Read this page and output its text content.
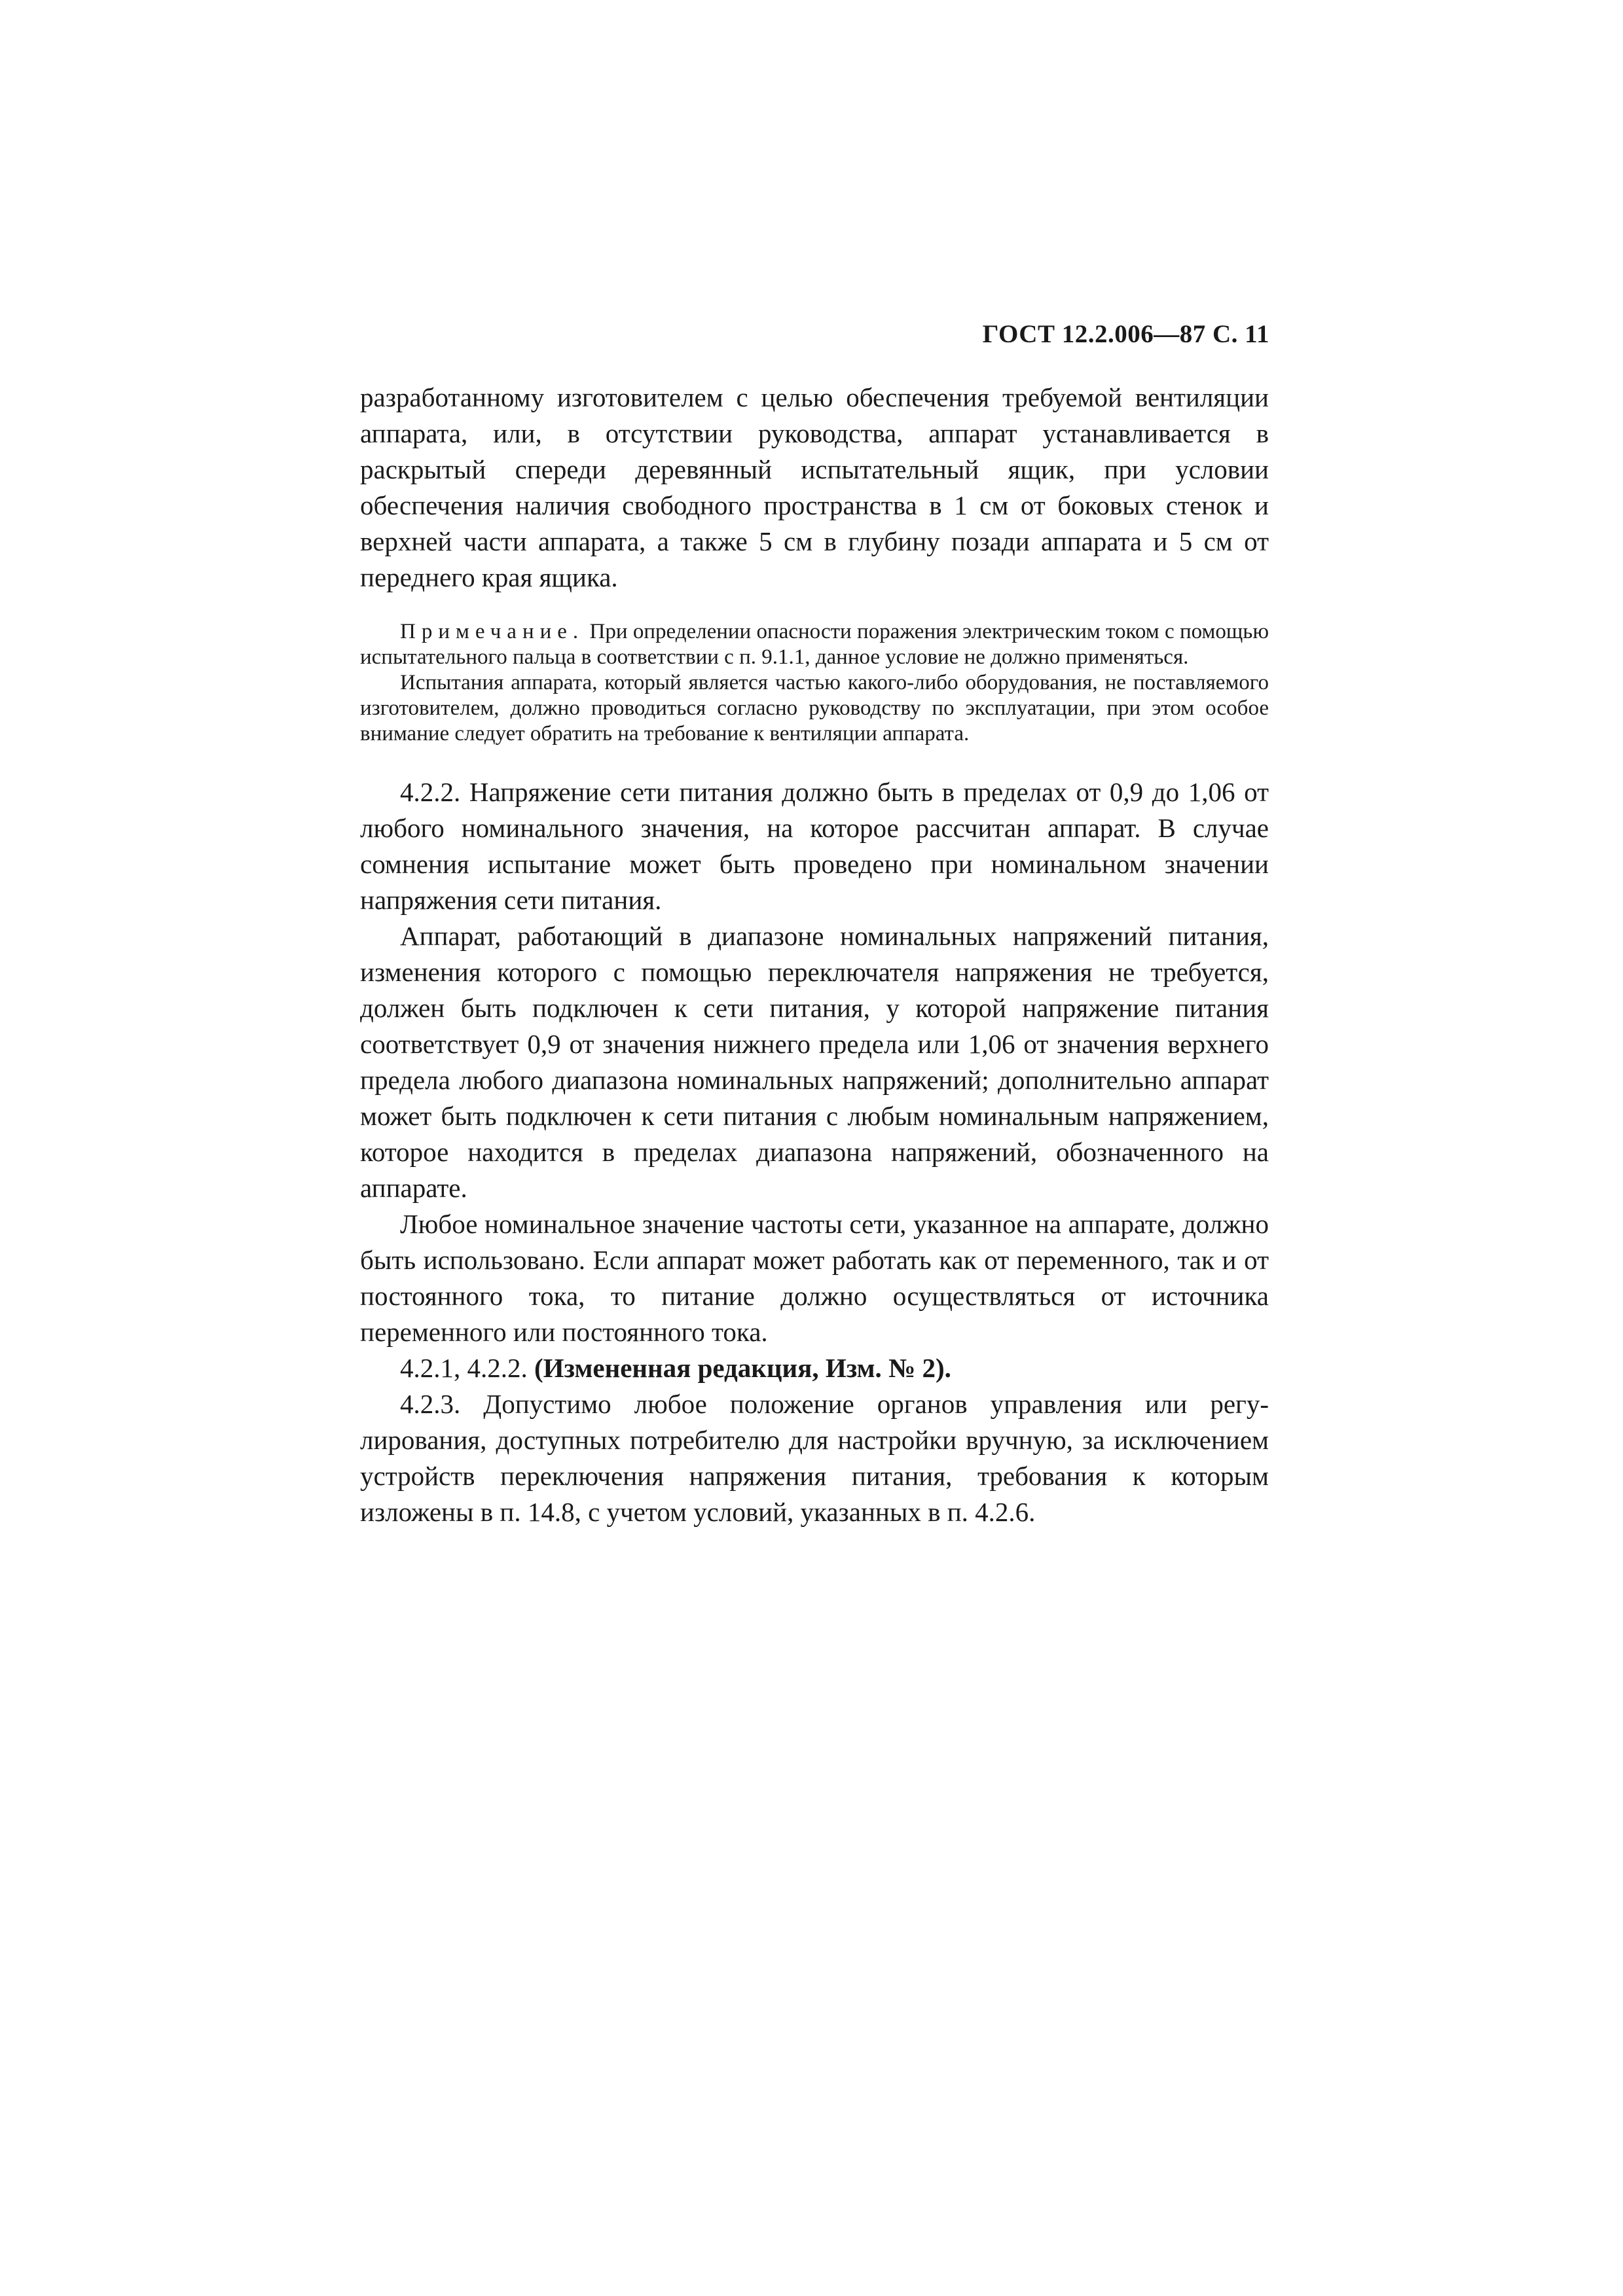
ГОСТ 12.2.006—87 С. 11

разработанному изготовителем с целью обеспечения требуемой вентиляции аппарата, или, в отсутствии руководства, аппарат устанавливается в раскрытый спереди деревянный испытательный ящик, при условии обеспечения наличия свободного пространства в 1 см от боковых стенок и верхней части аппарата, а также 5 см в глубину позади аппарата и 5 см от переднего края ящика.

Примечание. При определении опасности поражения электрическим током с помощью испытательного пальца в соответствии с п. 9.1.1, данное условие не должно применяться.

Испытания аппарата, который является частью какого-либо оборудования, не поставляемого изготовителем, должно проводиться согласно руководству по эксплуатации, при этом особое внимание следует обратить на требование к вентиляции аппарата.

4.2.2. Напряжение сети питания должно быть в пределах от 0,9 до 1,06 от любого номинального значения, на которое рассчитан аппарат. В случае сомнения испытание может быть проведено при номинальном значении напряжения сети питания.

Аппарат, работающий в диапазоне номинальных напряжений питания, изменения которого с помощью переключателя напряжения не требуется, должен быть подключен к сети питания, у которой напряжение питания соответствует 0,9 от значения нижнего предела или 1,06 от значения верхнего предела любого диапазона номинальных напряжений; дополнительно аппарат может быть подключен к сети питания с любым номинальным напряжением, которое находится в пределах диапазона напряжений, обозначенного на аппарате.

Любое номинальное значение частоты сети, указанное на аппарате, должно быть использовано. Если аппарат может работать как от переменного, так и от постоянного тока, то питание должно осуществляться от источника переменного или постоянного тока.

4.2.1, 4.2.2. (Измененная редакция, Изм. № 2).

4.2.3. Допустимо любое положение органов управления или регулирования, доступных потребителю для настройки вручную, за исключением устройств переключения напряжения питания, требования к которым изложены в п. 14.8, с учетом условий, указанных в п. 4.2.6.
